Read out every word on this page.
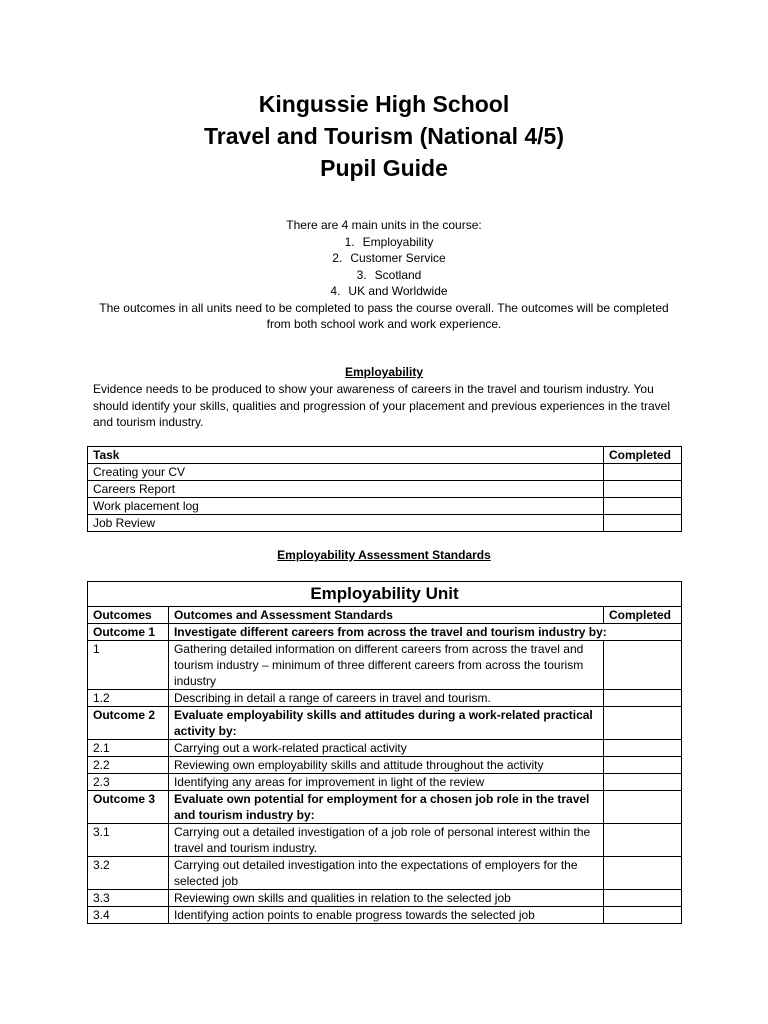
Kingussie High School

Travel and Tourism (National 4/5)

Pupil Guide

There are 4 main units in the course:
1. Employability
2. Customer Service
3. Scotland
4. UK and Worldwide
The outcomes in all units need to be completed to pass the course overall. The outcomes will be completed from both school work and work experience.
Employability
Evidence needs to be produced to show your awareness of careers in the travel and tourism industry. You should identify your skills, qualities and progression of your placement and previous experiences in the travel and tourism industry.
Task	Completed
Creating your CV	
Careers Report	
Work placement log	
Job Review	
Employability Assessment Standards
Employability Unit		
Outcomes	Outcomes and Assessment Standards	Completed
Outcome 1	Investigate different careers from across the travel and tourism industry by:	
1	Gathering detailed information on different careers from across the travel and tourism industry – minimum of three different careers from across the tourism industry	
1.2	Describing in detail a range of careers in travel and tourism.	
Outcome 2	Evaluate employability skills and attitudes during a work-related practical activity by:	
2.1	Carrying out a work-related practical activity	
2.2	Reviewing own employability skills and attitude throughout the activity	
2.3	Identifying any areas for improvement in light of the review	
Outcome 3	Evaluate own potential for employment for a chosen job role in the travel and tourism industry by:	
3.1	Carrying out a detailed investigation of a job role of personal interest within the travel and tourism industry.	
3.2	Carrying out detailed investigation into the expectations of employers for the selected job	
3.3	Reviewing own skills and qualities in relation to the selected job	
3.4	Identifying action points to enable progress towards the selected job	
